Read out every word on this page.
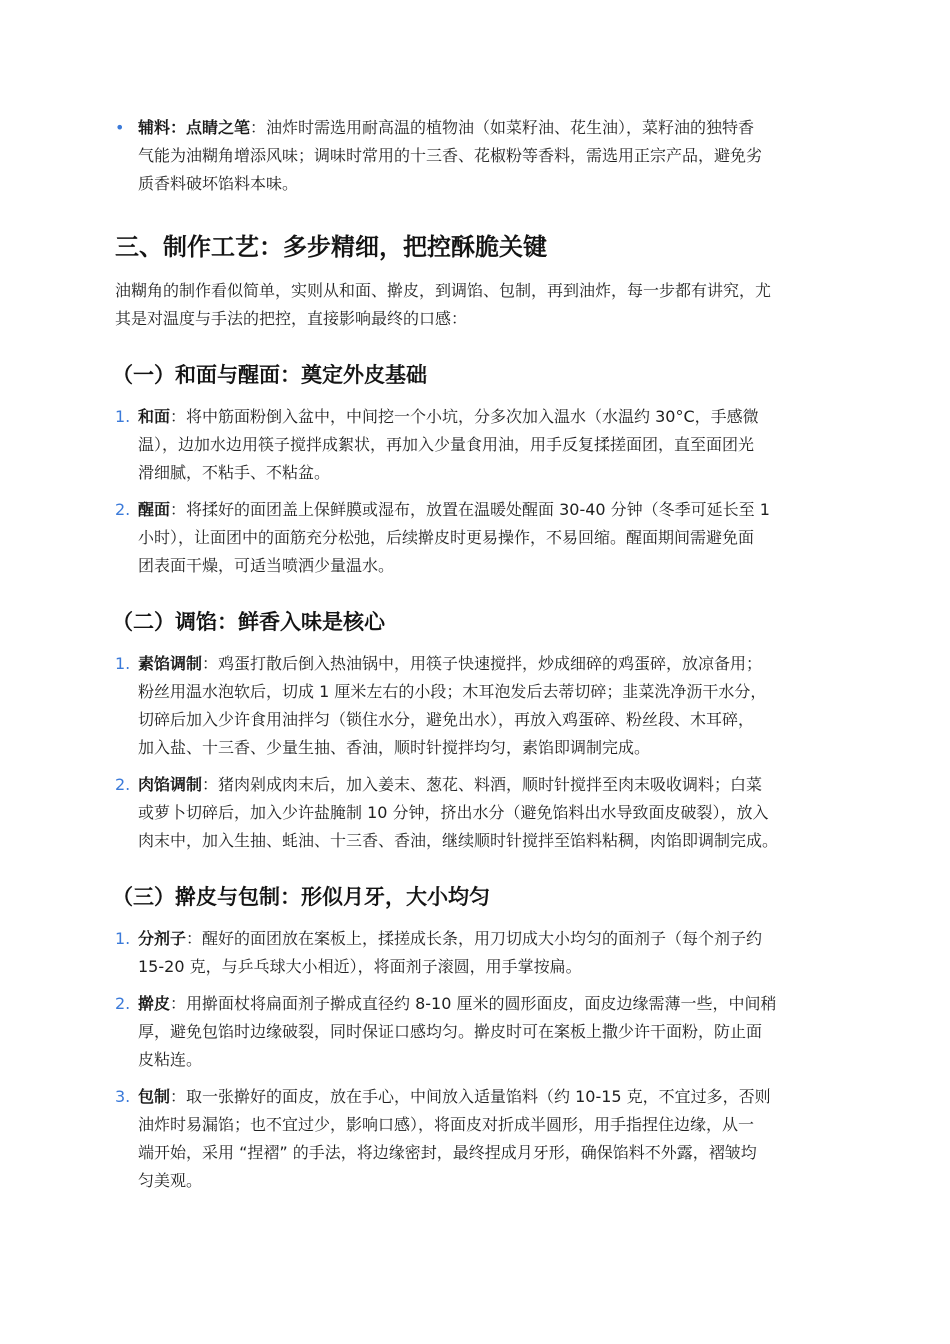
• 辅料：点睛之笔：油炸时需选用耐高温的植物油（如菜籽油、花生油），菜籽油的独特香
气能为油糊角增添风味；调味时常用的十三香、花椒粉等香料，需选用正宗产品，避免劣
质香料破坏馅料本味。
三、制作工艺：多步精细，把控酥脆关键
油糊角的制作看似简单，实则从和面、擀皮，到调馅、包制，再到油炸，每一步都有讲究，尤
其是对温度与手法的把控，直接影响最终的口感：
（一）和面与醒面：奠定外皮基础
1. 和面：将中筋面粉倒入盆中，中间挖一个小坑，分多次加入温水（水温约 30°C，手感微
温），边加水边用筷子搅拌成絮状，再加入少量食用油，用手反复揉搓面团，直至面团光
滑细腻，不粘手、不粘盆。
2. 醒面：将揉好的面团盖上保鲜膜或湿布，放置在温暖处醒面 30-40 分钟（冬季可延长至 1
小时），让面团中的面筋充分松弛，后续擀皮时更易操作，不易回缩。醒面期间需避免面
团表面干燥，可适当喷洒少量温水。
（二）调馅：鲜香入味是核心
1. 素馅调制：鸡蛋打散后倒入热油锅中，用筷子快速搅拌，炒成细碎的鸡蛋碎，放凉备用；
粉丝用温水泡软后，切成 1 厘米左右的小段；木耳泡发后去蒂切碎；韭菜洗净沥干水分，
切碎后加入少许食用油拌匀（锁住水分，避免出水），再放入鸡蛋碎、粉丝段、木耳碎，
加入盐、十三香、少量生抽、香油，顺时针搅拌均匀，素馅即调制完成。
2. 肉馅调制：猪肉剁成肉末后，加入姜末、葱花、料酒，顺时针搅拌至肉末吸收调料；白菜
或萝卜切碎后，加入少许盐腌制 10 分钟，挤出水分（避免馅料出水导致面皮破裂），放入
肉末中，加入生抽、蚝油、十三香、香油，继续顺时针搅拌至馅料粘稠，肉馅即调制完成。
（三）擀皮与包制：形似月牙，大小均匀
1. 分剂子：醒好的面团放在案板上，揉搓成长条，用刀切成大小均匀的面剂子（每个剂子约
15-20 克，与乒乓球大小相近），将面剂子滚圆，用手掌按扁。
2. 擀皮：用擀面杖将扁面剂子擀成直径约 8-10 厘米的圆形面皮，面皮边缘需薄一些，中间稍
厚，避免包馅时边缘破裂，同时保证口感均匀。擀皮时可在案板上撒少许干面粉，防止面
皮粘连。
3. 包制：取一张擀好的面皮，放在手心，中间放入适量馅料（约 10-15 克，不宜过多，否则
油炸时易漏馅；也不宜过少，影响口感），将面皮对折成半圆形，用手指捏住边缘，从一
端开始，采用 “捏褶” 的手法，将边缘密封，最终捏成月牙形，确保馅料不外露，褶皱均
匀美观。
